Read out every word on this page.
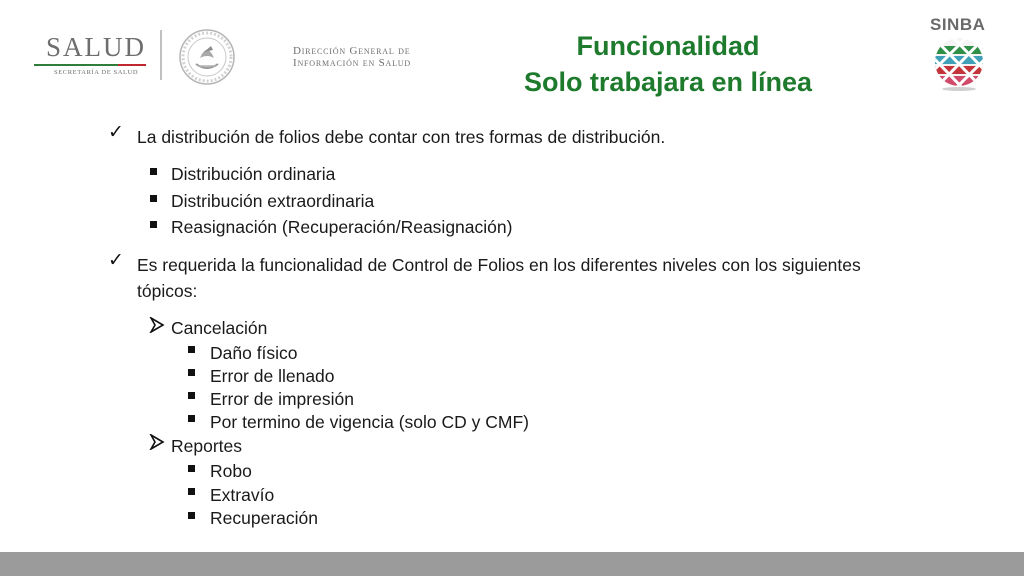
SALUD
SECRETARÍA DE SALUD
Dirección General de
Información en Salud
Funcionalidad
Solo trabajara en línea
SINBA
✓ La distribución de folios debe contar con tres formas de distribución.
Distribución ordinaria
Distribución extraordinaria
Reasignación (Recuperación/Reasignación)
✓ Es requerida la funcionalidad de Control de Folios en los diferentes niveles con los siguientes
tópicos:
Cancelación
Daño físico
Error de llenado
Error de impresión
Por termino de vigencia (solo CD y CMF)
Reportes
Robo
Extravío
Recuperación
